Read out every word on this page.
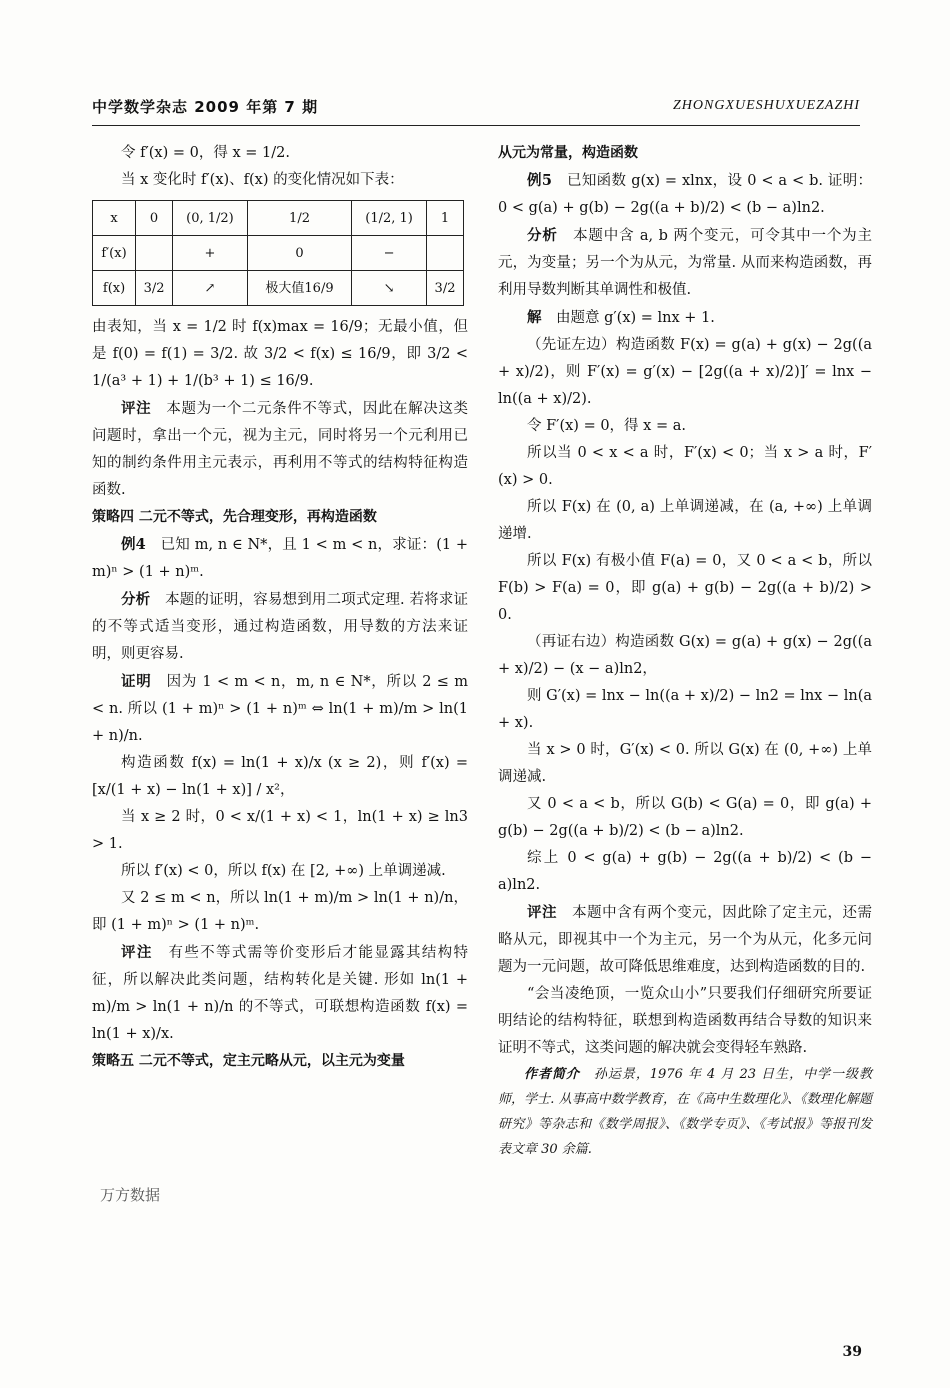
中学数学杂志 2009 年第 7 期	ZHONGXUESHUXUEZAZHI

令 f′(x) = 0，得 x = 1/2.

当 x 变化时 f′(x)、f(x) 的变化情况如下表：

x	0	(0, 1/2)	1/2	(1/2, 1)	1
f′(x)		+	0	−	
f(x)	3/2	↗	极大值16/9	↘	3/2

由表知，当 x = 1/2 时 f(x)max = 16/9；无最小值，但是 f(0) = f(1) = 3/2. 故 3/2 < f(x) ≤ 16/9，即 3/2 < 1/(a³ + 1) + 1/(b³ + 1) ≤ 16/9.

评注　 本题为一个二元条件不等式，因此在解决这类问题时，拿出一个元，视为主元，同时将另一个元利用已知的制约条件用主元表示，再利用不等式的结构特征构造函数.

策略四 二元不等式，先合理变形，再构造函数

例4　 已知 m, n ∈ N*，且 1 < m < n，求证：(1 + m)ⁿ > (1 + n)ᵐ.

分析　 本题的证明，容易想到用二项式定理. 若将求证的不等式适当变形，通过构造函数，用导数的方法来证明，则更容易.

证明　 因为 1 < m < n，m, n ∈ N*，所以 2 ≤ m < n. 所以 (1 + m)ⁿ > (1 + n)ᵐ ⇔ ln(1 + m)/m > ln(1 + n)/n.

构造函数 f(x) = ln(1 + x)/x (x ≥ 2)，则 f′(x) = [x/(1 + x) − ln(1 + x)] / x²，

当 x ≥ 2 时，0 < x/(1 + x) < 1，ln(1 + x) ≥ ln3 > 1.

所以 f′(x) < 0，所以 f(x) 在 [2, +∞) 上单调递减.

又 2 ≤ m < n，所以 ln(1 + m)/m > ln(1 + n)/n，即 (1 + m)ⁿ > (1 + n)ᵐ.

评注　 有些不等式需等价变形后才能显露其结构特征，所以解决此类问题，结构转化是关键. 形如 ln(1 + m)/m > ln(1 + n)/n 的不等式，可联想构造函数 f(x) = ln(1 + x)/x.

策略五 二元不等式，定主元略从元，以主元为变量

从元为常量，构造函数

例5　 已知函数 g(x) = xlnx，设 0 < a < b. 证明：0 < g(a) + g(b) − 2g((a + b)/2) < (b − a)ln2.

分析　 本题中含 a, b 两个变元，可令其中一个为主元，为变量；另一个为从元，为常量. 从而来构造函数，再利用导数判断其单调性和极值.

解　 由题意 g′(x) = lnx + 1.

（先证左边）构造函数 F(x) = g(a) + g(x) − 2g((a + x)/2)，则 F′(x) = g′(x) − [2g((a + x)/2)]′ = lnx − ln((a + x)/2).

令 F′(x) = 0，得 x = a.

所以当 0 < x < a 时，F′(x) < 0；当 x > a 时，F′(x) > 0.

所以 F(x) 在 (0, a) 上单调递减，在 (a, +∞) 上单调递增.

所以 F(x) 有极小值 F(a) = 0，又 0 < a < b，所以 F(b) > F(a) = 0，即 g(a) + g(b) − 2g((a + b)/2) > 0.

（再证右边）构造函数 G(x) = g(a) + g(x) − 2g((a + x)/2) − (x − a)ln2，

则 G′(x) = lnx − ln((a + x)/2) − ln2 = lnx − ln(a + x).

当 x > 0 时，G′(x) < 0. 所以 G(x) 在 (0, +∞) 上单调递减.

又 0 < a < b，所以 G(b) < G(a) = 0，即 g(a) + g(b) − 2g((a + b)/2) < (b − a)ln2.

综上 0 < g(a) + g(b) − 2g((a + b)/2) < (b − a)ln2.

评注　 本题中含有两个变元，因此除了定主元，还需略从元，即视其中一个为主元，另一个为从元，化多元问题为一元问题，故可降低思维难度，达到构造函数的目的.

“会当凌绝顶，一览众山小”只要我们仔细研究所要证明结论的结构特征，联想到构造函数再结合导数的知识来证明不等式，这类问题的解决就会变得轻车熟路.

作者简介　 孙运景，1976 年 4 月 23 日生，中学一级教师，学士. 从事高中数学教育，在《高中生数理化》、《数理化解题研究》等杂志和《数学周报》、《数学专页》、《考试报》等报刊发表文章 30 余篇.

万方数据
39
